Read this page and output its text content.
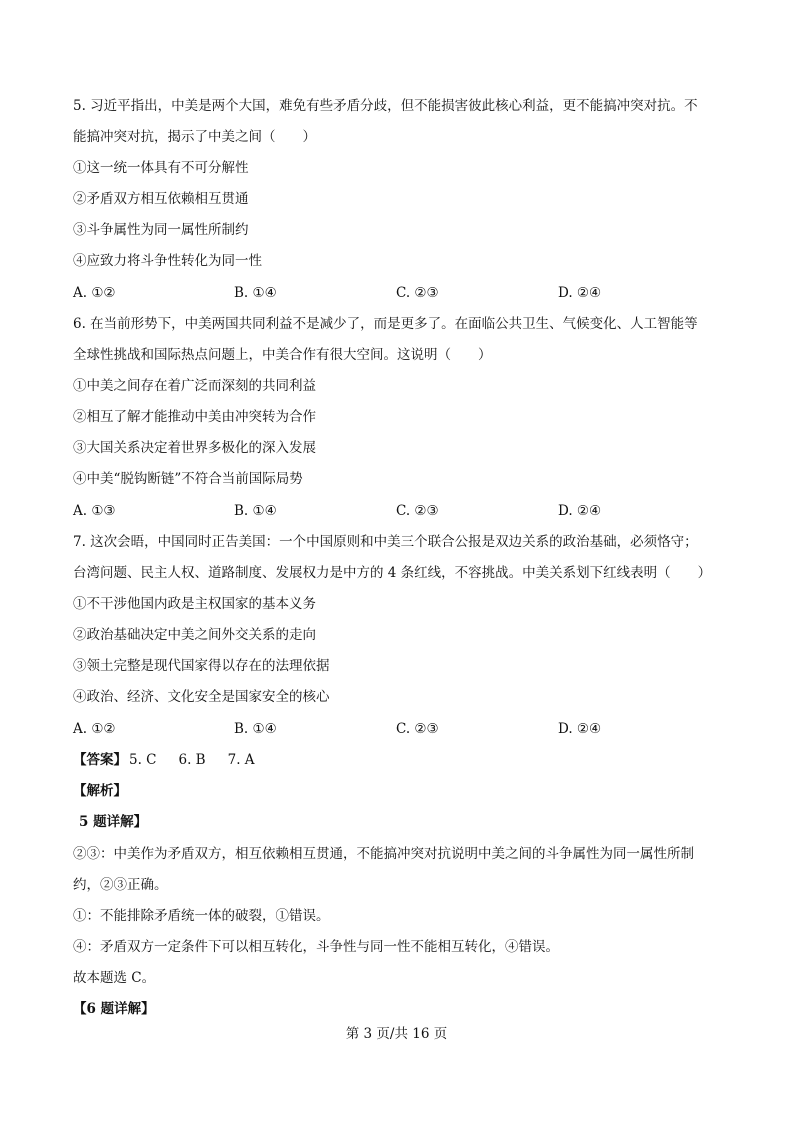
5. 习近平指出，中美是两个大国，难免有些矛盾分歧，但不能损害彼此核心利益，更不能搞冲突对抗。不
能搞冲突对抗，揭示了中美之间（　　）
①这一统一体具有不可分解性
②矛盾双方相互依赖相互贯通
③斗争属性为同一属性所制约
④应致力将斗争性转化为同一性
A. ①②	B. ①④	C. ②③	D. ②④
6. 在当前形势下，中美两国共同利益不是减少了，而是更多了。在面临公共卫生、气候变化、人工智能等
全球性挑战和国际热点问题上，中美合作有很大空间。这说明（　　）
①中美之间存在着广泛而深刻的共同利益
②相互了解才能推动中美由冲突转为合作
③大国关系决定着世界多极化的深入发展
④中美“脱钩断链”不符合当前国际局势
A. ①③	B. ①④	C. ②③	D. ②④
7. 这次会晤，中国同时正告美国：一个中国原则和中美三个联合公报是双边关系的政治基础，必须恪守；
台湾问题、民主人权、道路制度、发展权力是中方的 4 条红线，不容挑战。中美关系划下红线表明（　　）
①不干涉他国内政是主权国家的基本义务
②政治基础决定中美之间外交关系的走向
③领土完整是现代国家得以存在的法理依据
④政治、经济、文化安全是国家安全的核心
A. ①②	B. ①④	C. ②③	D. ②④
【答案】 5. C 6. B 7. A
【解析】
5 题详解】
②③：中美作为矛盾双方，相互依赖相互贯通，不能搞冲突对抗说明中美之间的斗争属性为同一属性所制
约，②③正确。
①：不能排除矛盾统一体的破裂，①错误。
④：矛盾双方一定条件下可以相互转化，斗争性与同一性不能相互转化，④错误。
故本题选 C。
【6 题详解】
第 3 页/共 16 页
